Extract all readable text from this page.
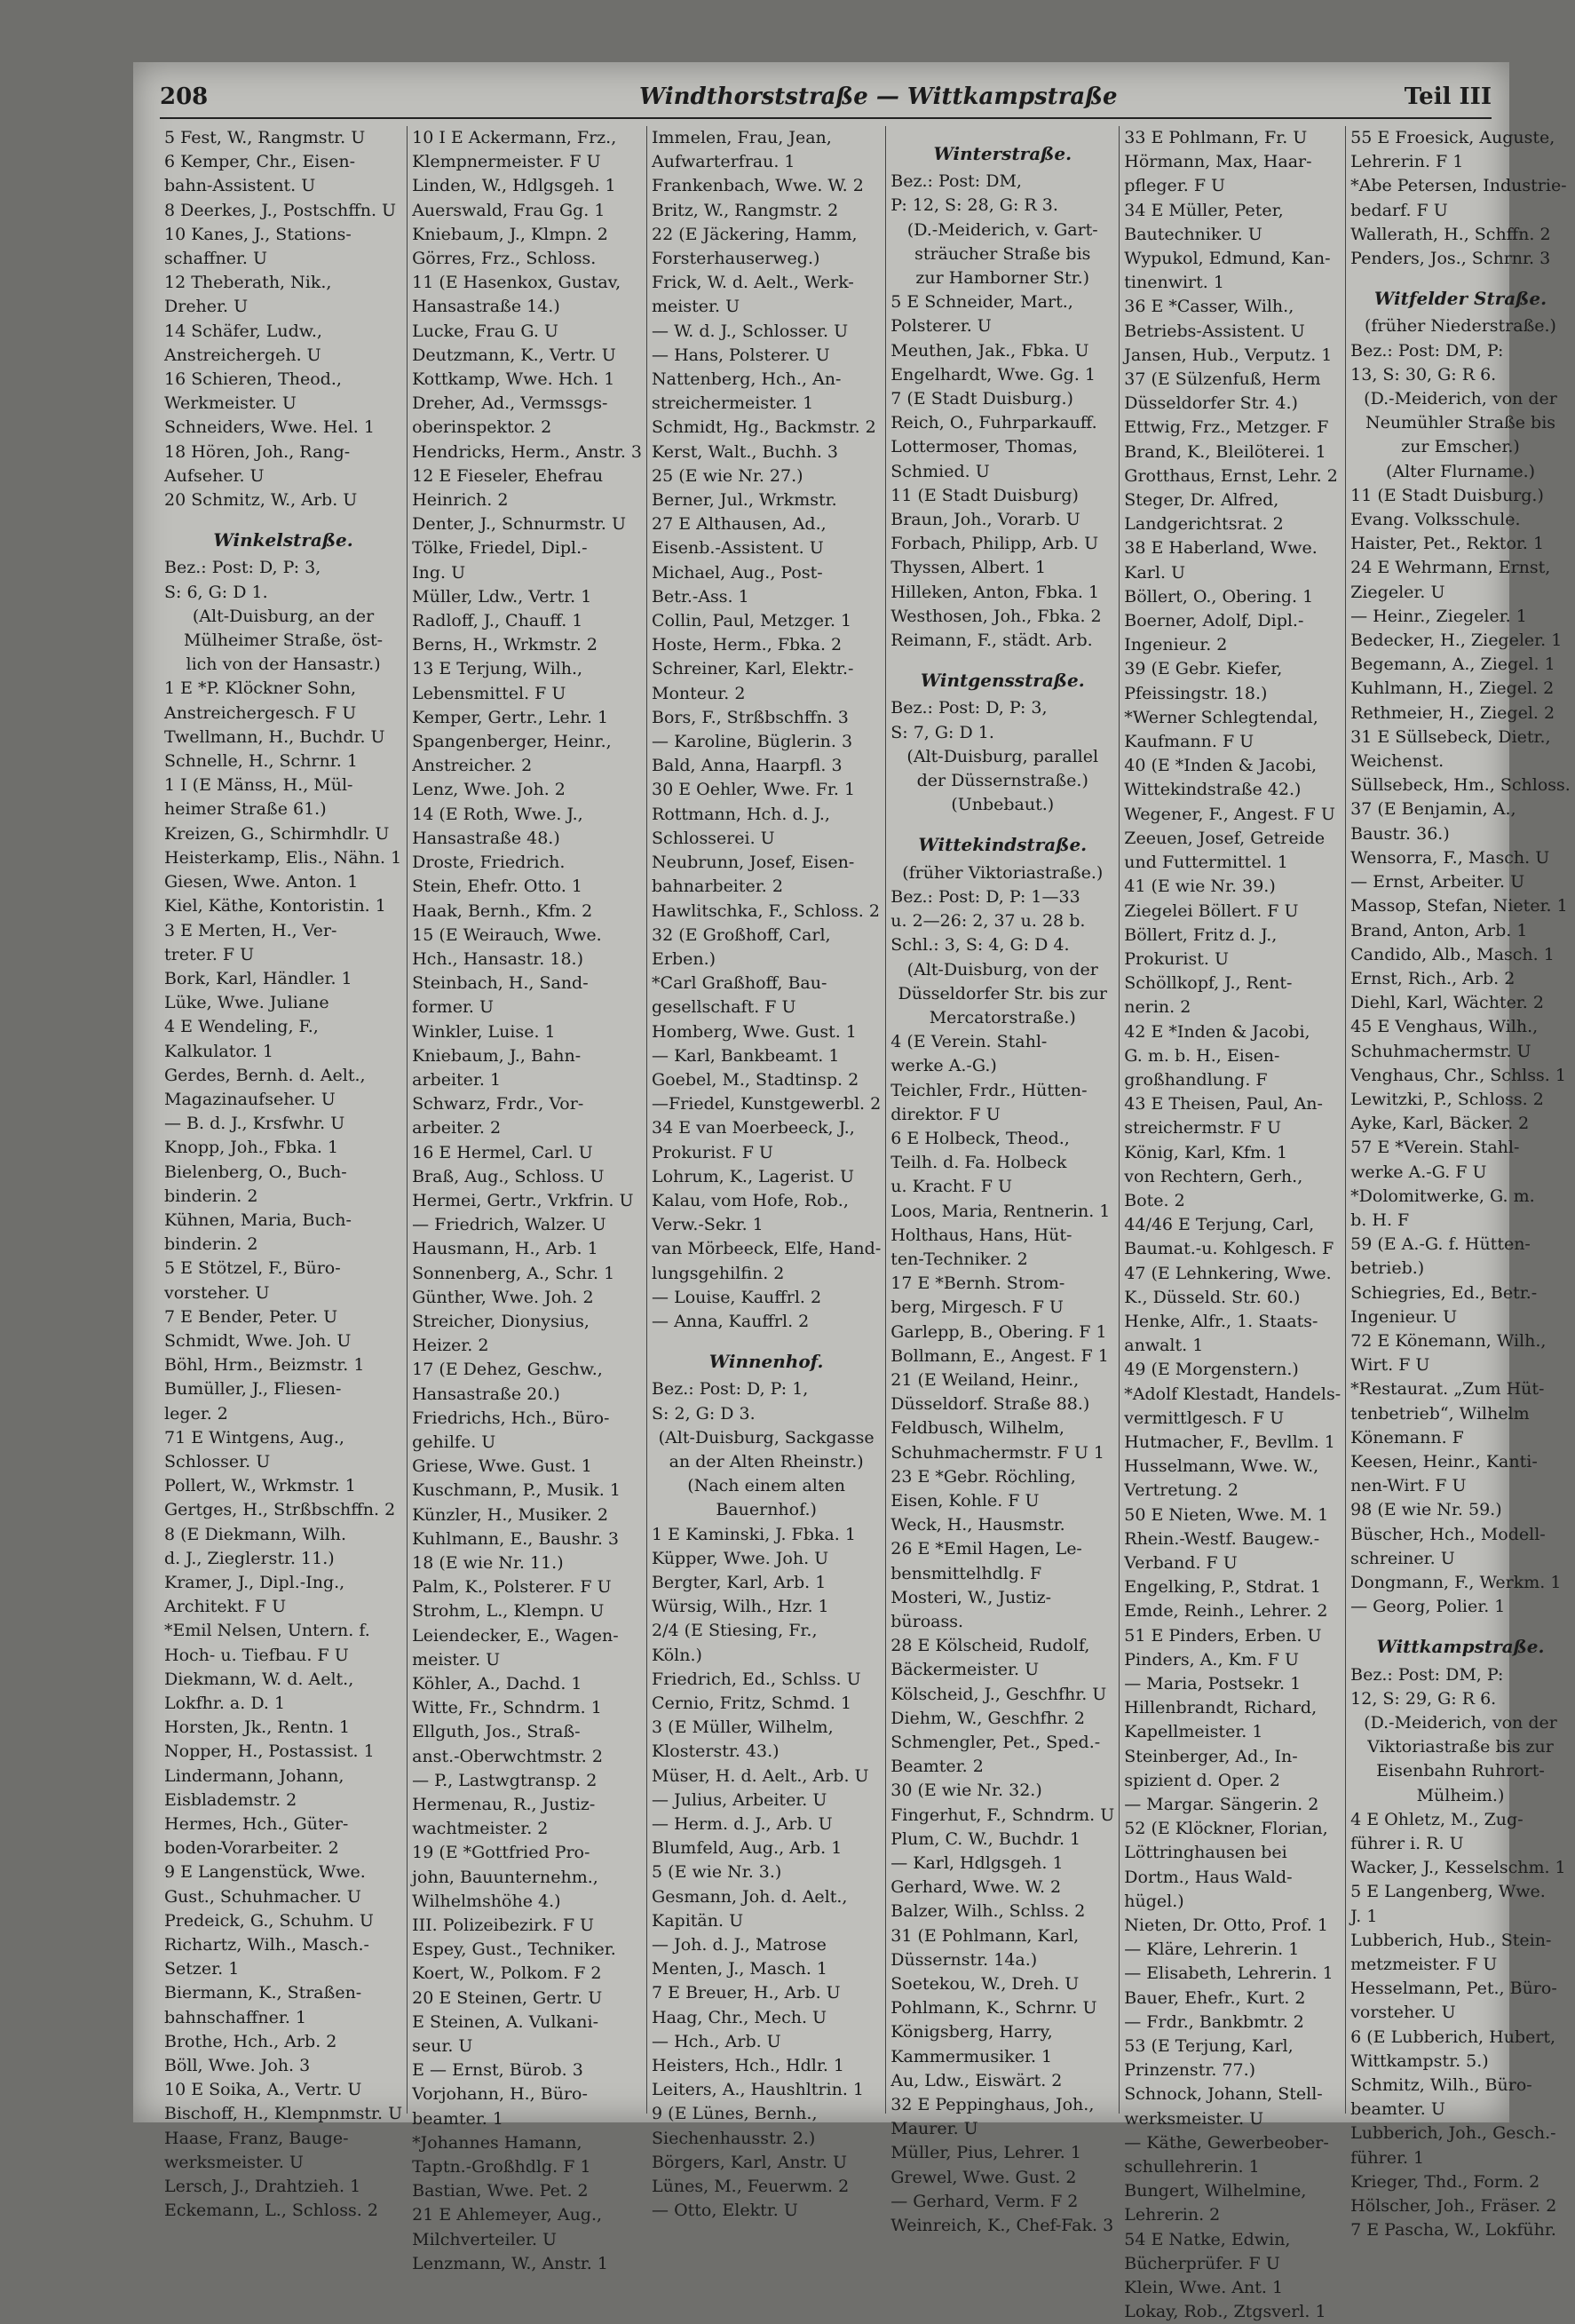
208	Windthorststraße — Wittkampstraße	Teil III
5 Fest, W., Rangmstr. U
6 Kemper, Chr., Eisen-
bahn-Assistent. U
8 Deerkes, J., Postschffn. U
10 Kanes, J., Stations-
schaffner. U
12 Theberath, Nik.,
Dreher. U
14 Schäfer, Ludw.,
Anstreichergeh. U
16 Schieren, Theod.,
Werkmeister. U
Schneiders, Wwe. Hel. 1
18 Hören, Joh., Rang-
Aufseher. U
20 Schmitz, W., Arb. U
Winkelstraße.
Bez.: Post: D, P: 3,
S: 6, G: D 1.
(Alt-Duisburg, an der
Mülheimer Straße, öst-
lich von der Hansastr.)
1 E *P. Klöckner Sohn,
Anstreichergesch. F U
Twellmann, H., Buchdr. U
Schnelle, H., Schrnr. 1
1 I (E Mänss, H., Mül-
heimer Straße 61.)
Kreizen, G., Schirmhdlr. U
Heisterkamp, Elis., Nähn. 1
Giesen, Wwe. Anton. 1
Kiel, Käthe, Kontoristin. 1
3 E Merten, H., Ver-
treter. F U
Bork, Karl, Händler. 1
Lüke, Wwe. Juliane
4 E Wendeling, F.,
Kalkulator. 1
Gerdes, Bernh. d. Aelt.,
Magazinaufseher. U
— B. d. J., Krsfwhr. U
Knopp, Joh., Fbka. 1
Bielenberg, O., Buch-
binderin. 2
Kühnen, Maria, Buch-
binderin. 2
5 E Stötzel, F., Büro-
vorsteher. U
7 E Bender, Peter. U
Schmidt, Wwe. Joh. U
Böhl, Hrm., Beizmstr. 1
Bumüller, J., Fliesen-
leger. 2
71 E Wintgens, Aug.,
Schlosser. U
Pollert, W., Wrkmstr. 1
Gertges, H., Strßbschffn. 2
8 (E Diekmann, Wilh.
d. J., Zieglerstr. 11.)
Kramer, J., Dipl.-Ing.,
Architekt. F U
*Emil Nelsen, Untern. f.
Hoch- u. Tiefbau. F U
Diekmann, W. d. Aelt.,
Lokfhr. a. D. 1
Horsten, Jk., Rentn. 1
Nopper, H., Postassist. 1
Lindermann, Johann,
Eisblademstr. 2
Hermes, Hch., Güter-
boden-Vorarbeiter. 2
9 E Langenstück, Wwe.
Gust., Schuhmacher. U
Predeick, G., Schuhm. U
Richartz, Wilh., Masch.-
Setzer. 1
Biermann, K., Straßen-
bahnschaffner. 1
Brothe, Hch., Arb. 2
Böll, Wwe. Joh. 3
10 E Soika, A., Vertr. U
Bischoff, H., Klempnmstr. U
Haase, Franz, Bauge-
werksmeister. U
Lersch, J., Drahtzieh. 1
Eckemann, L., Schloss. 2
10 I E Ackermann, Frz.,
Klempnermeister. F U
Linden, W., Hdlgsgeh. 1
Auerswald, Frau Gg. 1
Kniebaum, J., Klmpn. 2
Görres, Frz., Schloss.
11 (E Hasenkox, Gustav,
Hansastraße 14.)
Lucke, Frau G. U
Deutzmann, K., Vertr. U
Kottkamp, Wwe. Hch. 1
Dreher, Ad., Vermssgs-
oberinspektor. 2
Hendricks, Herm., Anstr. 3
12 E Fieseler, Ehefrau
Heinrich. 2
Denter, J., Schnurmstr. U
Tölke, Friedel, Dipl.-
Ing. U
Müller, Ldw., Vertr. 1
Radloff, J., Chauff. 1
Berns, H., Wrkmstr. 2
13 E Terjung, Wilh.,
Lebensmittel. F U
Kemper, Gertr., Lehr. 1
Spangenberger, Heinr.,
Anstreicher. 2
Lenz, Wwe. Joh. 2
14 (E Roth, Wwe. J.,
Hansastraße 48.)
Droste, Friedrich.
Stein, Ehefr. Otto. 1
Haak, Bernh., Kfm. 2
15 (E Weirauch, Wwe.
Hch., Hansastr. 18.)
Steinbach, H., Sand-
former. U
Winkler, Luise. 1
Kniebaum, J., Bahn-
arbeiter. 1
Schwarz, Frdr., Vor-
arbeiter. 2
16 E Hermel, Carl. U
Braß, Aug., Schloss. U
Hermei, Gertr., Vrkfrin. U
— Friedrich, Walzer. U
Hausmann, H., Arb. 1
Sonnenberg, A., Schr. 1
Günther, Wwe. Joh. 2
Streicher, Dionysius,
Heizer. 2
17 (E Dehez, Geschw.,
Hansastraße 20.)
Friedrichs, Hch., Büro-
gehilfe. U
Griese, Wwe. Gust. 1
Kuschmann, P., Musik. 1
Künzler, H., Musiker. 2
Kuhlmann, E., Baushr. 3
18 (E wie Nr. 11.)
Palm, K., Polsterer. F U
Strohm, L., Klempn. U
Leiendecker, E., Wagen-
meister. U
Köhler, A., Dachd. 1
Witte, Fr., Schndrm. 1
Ellguth, Jos., Straß-
anst.-Oberwchtmstr. 2
— P., Lastwgtransp. 2
Hermenau, R., Justiz-
wachtmeister. 2
19 (E *Gottfried Pro-
john, Bauunternehm.,
Wilhelmshöhe 4.)
III. Polizeibezirk. F U
Espey, Gust., Techniker.
Koert, W., Polkom. F 2
20 E Steinen, Gertr. U
E Steinen, A. Vulkani-
seur. U
E — Ernst, Bürob. 3
Vorjohann, H., Büro-
beamter. 1
*Johannes Hamann,
Taptn.-Großhdlg. F 1
Bastian, Wwe. Pet. 2
21 E Ahlemeyer, Aug.,
Milchverteiler. U
Lenzmann, W., Anstr. 1
Immelen, Frau, Jean,
Aufwarterfrau. 1
Frankenbach, Wwe. W. 2
Britz, W., Rangmstr. 2
22 (E Jäckering, Hamm,
Forsterhauserweg.)
Frick, W. d. Aelt., Werk-
meister. U
— W. d. J., Schlosser. U
— Hans, Polsterer. U
Nattenberg, Hch., An-
streichermeister. 1
Schmidt, Hg., Backmstr. 2
Kerst, Walt., Buchh. 3
25 (E wie Nr. 27.)
Berner, Jul., Wrkmstr.
27 E Althausen, Ad.,
Eisenb.-Assistent. U
Michael, Aug., Post-
Betr.-Ass. 1
Collin, Paul, Metzger. 1
Hoste, Herm., Fbka. 2
Schreiner, Karl, Elektr.-
Monteur. 2
Bors, F., Strßbschffn. 3
— Karoline, Büglerin. 3
Bald, Anna, Haarpfl. 3
30 E Oehler, Wwe. Fr. 1
Rottmann, Hch. d. J.,
Schlosserei. U
Neubrunn, Josef, Eisen-
bahnarbeiter. 2
Hawlitschka, F., Schloss. 2
32 (E Großhoff, Carl,
Erben.)
*Carl Graßhoff, Bau-
gesellschaft. F U
Homberg, Wwe. Gust. 1
— Karl, Bankbeamt. 1
Goebel, M., Stadtinsp. 2
—Friedel, Kunstgewerbl. 2
34 E van Moerbeeck, J.,
Prokurist. F U
Lohrum, K., Lagerist. U
Kalau, vom Hofe, Rob.,
Verw.-Sekr. 1
van Mörbeeck, Elfe, Hand-
lungsgehilfin. 2
— Louise, Kauffrl. 2
— Anna, Kauffrl. 2
Winnenhof.
Bez.: Post: D, P: 1,
S: 2, G: D 3.
(Alt-Duisburg, Sackgasse
an der Alten Rheinstr.)
(Nach einem alten
Bauernhof.)
1 E Kaminski, J. Fbka. 1
Küpper, Wwe. Joh. U
Bergter, Karl, Arb. 1
Würsig, Wilh., Hzr. 1
2/4 (E Stiesing, Fr.,
Köln.)
Friedrich, Ed., Schlss. U
Cernio, Fritz, Schmd. 1
3 (E Müller, Wilhelm,
Klosterstr. 43.)
Müser, H. d. Aelt., Arb. U
— Julius, Arbeiter. U
— Herm. d. J., Arb. U
Blumfeld, Aug., Arb. 1
5 (E wie Nr. 3.)
Gesmann, Joh. d. Aelt.,
Kapitän. U
— Joh. d. J., Matrose
Menten, J., Masch. 1
7 E Breuer, H., Arb. U
Haag, Chr., Mech. U
— Hch., Arb. U
Heisters, Hch., Hdlr. 1
Leiters, A., Haushltrin. 1
9 (E Lünes, Bernh.,
Siechenhausstr. 2.)
Börgers, Karl, Anstr. U
Lünes, M., Feuerwm. 2
— Otto, Elektr. U
Winterstraße.
Bez.: Post: DM,
P: 12, S: 28, G: R 3.
(D.-Meiderich, v. Gart-
sträucher Straße bis
zur Hamborner Str.)
5 E Schneider, Mart.,
Polsterer. U
Meuthen, Jak., Fbka. U
Engelhardt, Wwe. Gg. 1
7 (E Stadt Duisburg.)
Reich, O., Fuhrparkauff.
Lottermoser, Thomas,
Schmied. U
11 (E Stadt Duisburg)
Braun, Joh., Vorarb. U
Forbach, Philipp, Arb. U
Thyssen, Albert. 1
Hilleken, Anton, Fbka. 1
Westhosen, Joh., Fbka. 2
Reimann, F., städt. Arb.
Wintgensstraße.
Bez.: Post: D, P: 3,
S: 7, G: D 1.
(Alt-Duisburg, parallel
der Düssernstraße.)
(Unbebaut.)
Wittekindstraße.
(früher Viktoriastraße.)
Bez.: Post: D, P: 1—33
u. 2—26: 2, 37 u. 28 b.
Schl.: 3, S: 4, G: D 4.
(Alt-Duisburg, von der
Düsseldorfer Str. bis zur
Mercatorstraße.)
4 (E Verein. Stahl-
werke A.-G.)
Teichler, Frdr., Hütten-
direktor. F U
6 E Holbeck, Theod.,
Teilh. d. Fa. Holbeck
u. Kracht. F U
Loos, Maria, Rentnerin. 1
Holthaus, Hans, Hüt-
ten-Techniker. 2
17 E *Bernh. Strom-
berg, Mirgesch. F U
Garlepp, B., Obering. F 1
Bollmann, E., Angest. F 1
21 (E Weiland, Heinr.,
Düsseldorf. Straße 88.)
Feldbusch, Wilhelm,
Schuhmachermstr. F U 1
23 E *Gebr. Röchling,
Eisen, Kohle. F U
Weck, H., Hausmstr.
26 E *Emil Hagen, Le-
bensmittelhdlg. F
Mosteri, W., Justiz-
büroass.
28 E Kölscheid, Rudolf,
Bäckermeister. U
Kölscheid, J., Geschfhr. U
Diehm, W., Geschfhr. 2
Schmengler, Pet., Sped.-
Beamter. 2
30 (E wie Nr. 32.)
Fingerhut, F., Schndrm. U
Plum, C. W., Buchdr. 1
— Karl, Hdlgsgeh. 1
Gerhard, Wwe. W. 2
Balzer, Wilh., Schlss. 2
31 (E Pohlmann, Karl,
Düssernstr. 14a.)
Soetekou, W., Dreh. U
Pohlmann, K., Schrnr. U
Königsberg, Harry,
Kammermusiker. 1
Au, Ldw., Eiswärt. 2
32 E Peppinghaus, Joh.,
Maurer. U
Müller, Pius, Lehrer. 1
Grewel, Wwe. Gust. 2
— Gerhard, Verm. F 2
Weinreich, K., Chef-Fak. 3
33 E Pohlmann, Fr. U
Hörmann, Max, Haar-
pfleger. F U
34 E Müller, Peter,
Bautechniker. U
Wypukol, Edmund, Kan-
tinenwirt. 1
36 E *Casser, Wilh.,
Betriebs-Assistent. U
Jansen, Hub., Verputz. 1
37 (E Sülzenfuß, Herm
Düsseldorfer Str. 4.)
Ettwig, Frz., Metzger. F
Brand, K., Bleilöterei. 1
Grotthaus, Ernst, Lehr. 2
Steger, Dr. Alfred,
Landgerichtsrat. 2
38 E Haberland, Wwe.
Karl. U
Böllert, O., Obering. 1
Boerner, Adolf, Dipl.-
Ingenieur. 2
39 (E Gebr. Kiefer,
Pfeissingstr. 18.)
*Werner Schlegtendal,
Kaufmann. F U
40 (E *Inden & Jacobi,
Wittekindstraße 42.)
Wegener, F., Angest. F U
Zeeuen, Josef, Getreide
und Futtermittel. 1
41 (E wie Nr. 39.)
Ziegelei Böllert. F U
Böllert, Fritz d. J.,
Prokurist. U
Schöllkopf, J., Rent-
nerin. 2
42 E *Inden & Jacobi,
G. m. b. H., Eisen-
großhandlung. F
43 E Theisen, Paul, An-
streichermstr. F U
König, Karl, Kfm. 1
von Rechtern, Gerh.,
Bote. 2
44/46 E Terjung, Carl,
Baumat.-u. Kohlgesch. F
47 (E Lehnkering, Wwe.
K., Düsseld. Str. 60.)
Henke, Alfr., 1. Staats-
anwalt. 1
49 (E Morgenstern.)
*Adolf Klestadt, Handels-
vermittlgesch. F U
Hutmacher, F., Bevllm. 1
Husselmann, Wwe. W.,
Vertretung. 2
50 E Nieten, Wwe. M. 1
Rhein.-Westf. Baugew.-
Verband. F U
Engelking, P., Stdrat. 1
Emde, Reinh., Lehrer. 2
51 E Pinders, Erben. U
Pinders, A., Km. F U
— Maria, Postsekr. 1
Hillenbrandt, Richard,
Kapellmeister. 1
Steinberger, Ad., In-
spizient d. Oper. 2
— Margar. Sängerin. 2
52 (E Klöckner, Florian,
Löttringhausen bei
Dortm., Haus Wald-
hügel.)
Nieten, Dr. Otto, Prof. 1
— Kläre, Lehrerin. 1
— Elisabeth, Lehrerin. 1
Bauer, Ehefr., Kurt. 2
— Frdr., Bankbmtr. 2
53 (E Terjung, Karl,
Prinzenstr. 77.)
Schnock, Johann, Stell-
werksmeister. U
— Käthe, Gewerbeober-
schullehrerin. 1
Bungert, Wilhelmine,
Lehrerin. 2
54 E Natke, Edwin,
Bücherprüfer. F U
Klein, Wwe. Ant. 1
Lokay, Rob., Ztgsverl. 1
55 E Froesick, Auguste,
Lehrerin. F 1
*Abe Petersen, Industrie-
bedarf. F U
Wallerath, H., Schffn. 2
Penders, Jos., Schrnr. 3
Witfelder Straße.
(früher Niederstraße.)
Bez.: Post: DM, P:
13, S: 30, G: R 6.
(D.-Meiderich, von der
Neumühler Straße bis
zur Emscher.)
(Alter Flurname.)
11 (E Stadt Duisburg.)
Evang. Volksschule.
Haister, Pet., Rektor. 1
24 E Wehrmann, Ernst,
Ziegeler. U
— Heinr., Ziegeler. 1
Bedecker, H., Ziegeler. 1
Begemann, A., Ziegel. 1
Kuhlmann, H., Ziegel. 2
Rethmeier, H., Ziegel. 2
31 E Süllsebeck, Dietr.,
Weichenst.
Süllsebeck, Hm., Schloss.
37 (E Benjamin, A.,
Baustr. 36.)
Wensorra, F., Masch. U
— Ernst, Arbeiter. U
Massop, Stefan, Nieter. 1
Brand, Anton, Arb. 1
Candido, Alb., Masch. 1
Ernst, Rich., Arb. 2
Diehl, Karl, Wächter. 2
45 E Venghaus, Wilh.,
Schuhmachermstr. U
Venghaus, Chr., Schlss. 1
Lewitzki, P., Schloss. 2
Ayke, Karl, Bäcker. 2
57 E *Verein. Stahl-
werke A.-G. F U
*Dolomitwerke, G. m.
b. H. F
59 (E A.-G. f. Hütten-
betrieb.)
Schiegries, Ed., Betr.-
Ingenieur. U
72 E Könemann, Wilh.,
Wirt. F U
*Restaurat. „Zum Hüt-
tenbetrieb“, Wilhelm
Könemann. F
Keesen, Heinr., Kanti-
nen-Wirt. F U
98 (E wie Nr. 59.)
Büscher, Hch., Modell-
schreiner. U
Dongmann, F., Werkm. 1
— Georg, Polier. 1
Wittkampstraße.
Bez.: Post: DM, P:
12, S: 29, G: R 6.
(D.-Meiderich, von der
Viktoriastraße bis zur
Eisenbahn Ruhrort-
Mülheim.)
4 E Ohletz, M., Zug-
führer i. R. U
Wacker, J., Kesselschm. 1
5 E Langenberg, Wwe.
J. 1
Lubberich, Hub., Stein-
metzmeister. F U
Hesselmann, Pet., Büro-
vorsteher. U
6 (E Lubberich, Hubert,
Wittkampstr. 5.)
Schmitz, Wilh., Büro-
beamter. U
Lubberich, Joh., Gesch.-
führer. 1
Krieger, Thd., Form. 2
Hölscher, Joh., Fräser. 2
7 E Pascha, W., Lokführ.
